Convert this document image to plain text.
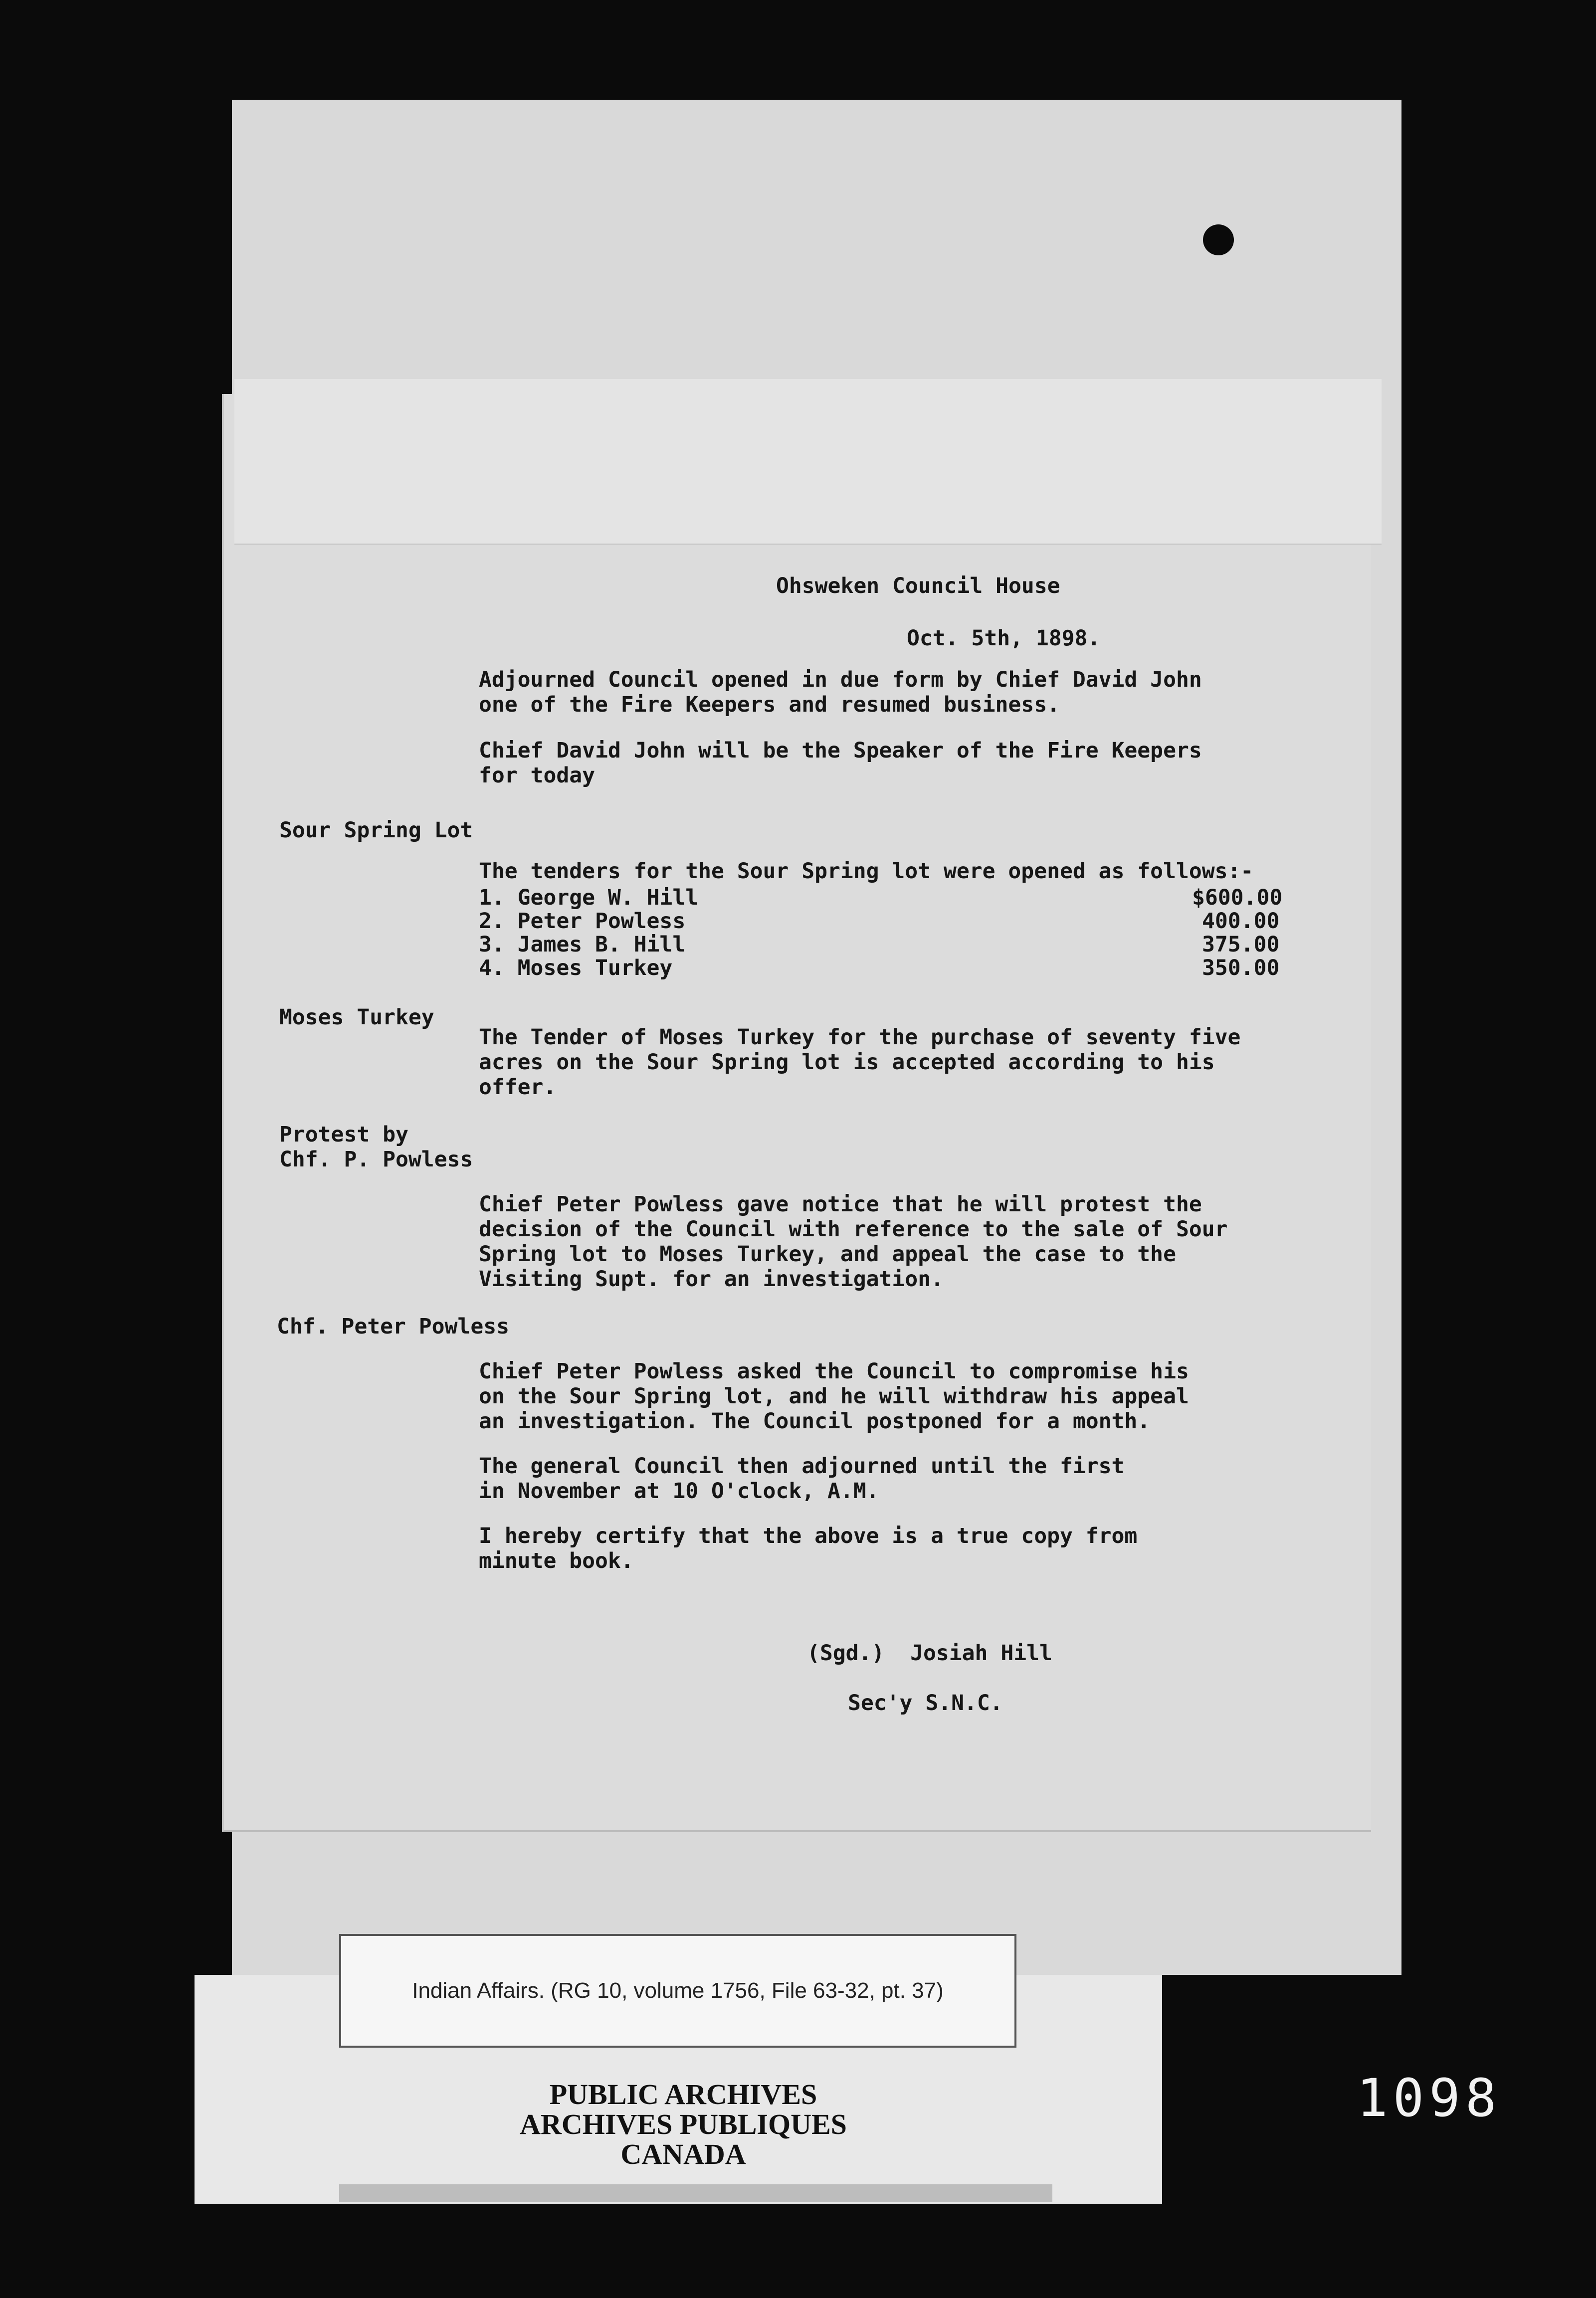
Ohsweken Council House

Oct. 5th, 1898.

Adjourned Council opened in due form by Chief David John
one of the Fire Keepers and resumed business.

Chief David John will be the Speaker of the Fire Keepers
for today

Sour Spring Lot

The tenders for the Sour Spring lot were opened as follows:-

1. George W. Hill	$600.00

2. Peter Powless	400.00

3. James B. Hill	375.00

4. Moses Turkey	350.00

Moses Turkey

The Tender of Moses Turkey for the purchase of seventy five
acres on the Sour Spring lot is accepted according to his
offer.

Protest by
Chf. P. Powless

Chief Peter Powless gave notice that he will protest the
decision of the Council with reference to the sale of Sour
Spring lot to Moses Turkey, and appeal the case to the
Visiting Supt. for an investigation.

Chf. Peter Powless

Chief Peter Powless asked the Council to compromise his
on the Sour Spring lot, and he will withdraw his appeal
an investigation. The Council postponed for a month.

The general Council then adjourned until the first
in November at 10 O'clock, A.M.

I hereby certify that the above is a true copy from
minute book.

(Sgd.)  Josiah Hill

Sec'y S.N.C.

Indian Affairs. (RG 10, volume 1756, File 63-32, pt. 37)
PUBLIC ARCHIVES
ARCHIVES PUBLIQUES
CANADA
1098
